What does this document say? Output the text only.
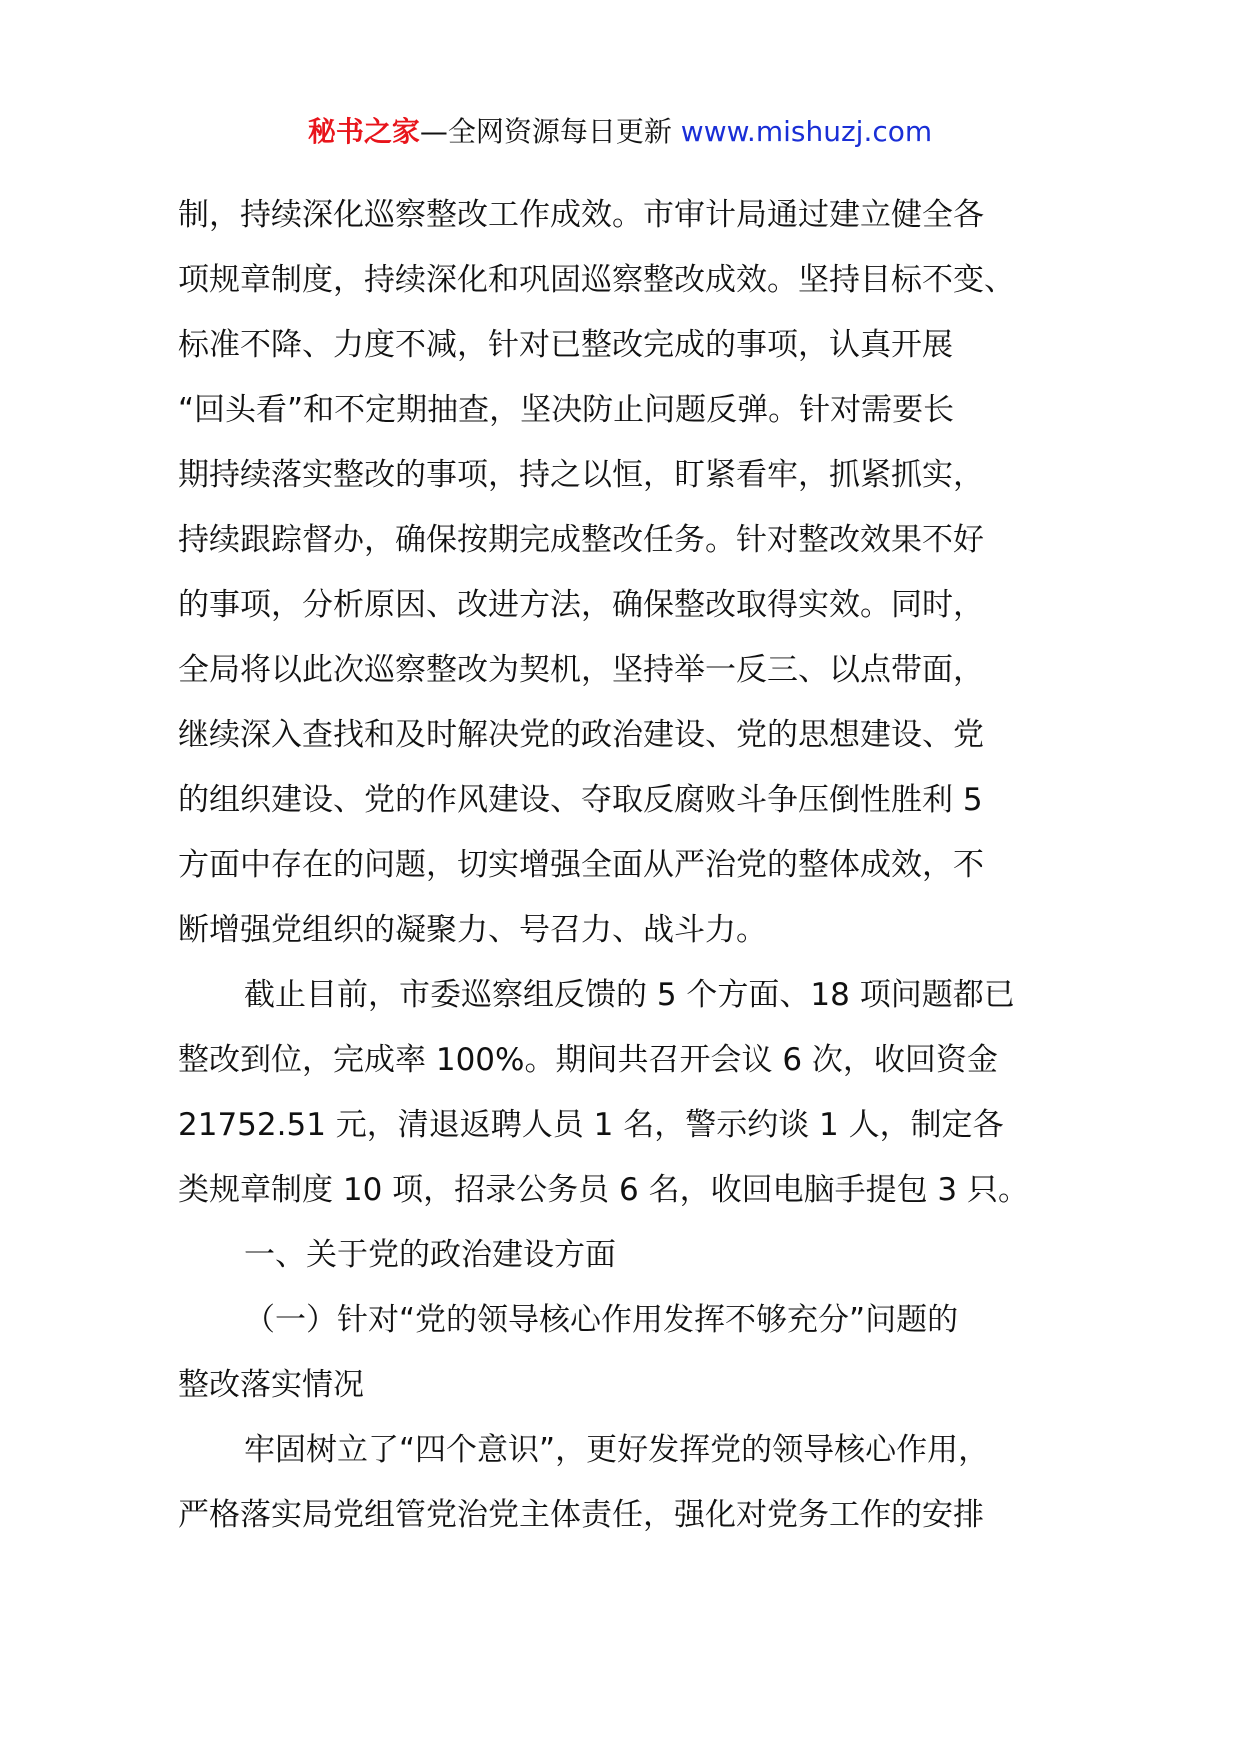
秘书之家—全网资源每日更新 www.mishuzj.com
制，持续深化巡察整改工作成效。市审计局通过建立健全各
项规章制度，持续深化和巩固巡察整改成效。坚持目标不变、
标准不降、力度不减，针对已整改完成的事项，认真开展
“回头看”和不定期抽查，坚决防止问题反弹。针对需要长
期持续落实整改的事项，持之以恒，盯紧看牢，抓紧抓实，
持续跟踪督办，确保按期完成整改任务。针对整改效果不好
的事项，分析原因、改进方法，确保整改取得实效。同时，
全局将以此次巡察整改为契机，坚持举一反三、以点带面，
继续深入查找和及时解决党的政治建设、党的思想建设、党
的组织建设、党的作风建设、夺取反腐败斗争压倒性胜利 5
方面中存在的问题，切实增强全面从严治党的整体成效，不
断增强党组织的凝聚力、号召力、战斗力。
截止目前，市委巡察组反馈的 5 个方面、18 项问题都已
整改到位，完成率 100%。期间共召开会议 6 次，收回资金
21752.51 元，清退返聘人员 1 名，警示约谈 1 人，制定各
类规章制度 10 项，招录公务员 6 名，收回电脑手提包 3 只。
一、关于党的政治建设方面
（一）针对“党的领导核心作用发挥不够充分”问题的
整改落实情况
牢固树立了“四个意识”，更好发挥党的领导核心作用，
严格落实局党组管党治党主体责任，强化对党务工作的安排
